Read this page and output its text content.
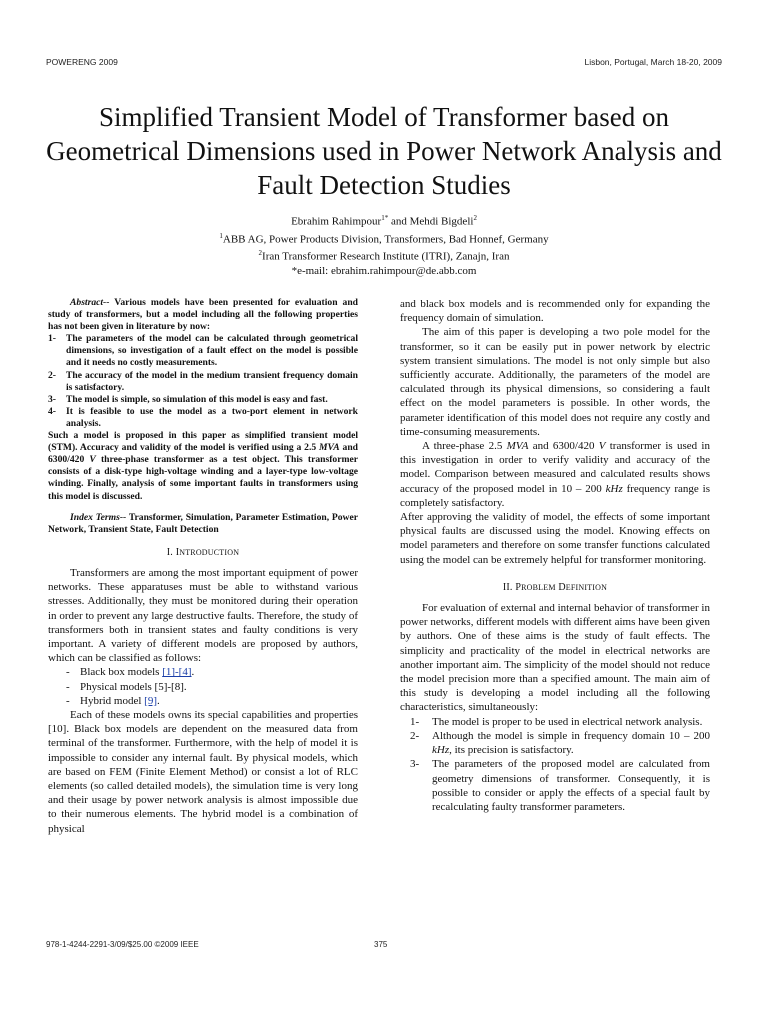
POWERENG 2009	Lisbon, Portugal, March 18-20, 2009
Simplified Transient Model of Transformer based on Geometrical Dimensions used in Power Network Analysis and Fault Detection Studies
Ebrahim Rahimpour$^{1*}$ and Mehdi Bigdeli$^2$
$^1$ABB AG, Power Products Division, Transformers, Bad Honnef, Germany
$^2$Iran Transformer Research Institute (ITRI), Zanajn, Iran
*e-mail: ebrahim.rahimpour@de.abb.com

Abstract-- Various models have been presented for evaluation and study of transformers, but a model including all the following properties has not been given in literature by now:

1-	The parameters of the model can be calculated through geometrical dimensions, so investigation of a fault effect on the model is possible and it needs no costly measurements.
2-	The accuracy of the model in the medium transient frequency domain is satisfactory.
3-	The model is simple, so simulation of this model is easy and fast.
4-	It is feasible to use the model as a two-port element in network analysis.

Such a model is proposed in this paper as simplified transient model (STM). Accuracy and validity of the model is verified using a 2.5 MVA and 6300/420 V three-phase transformer as a test object. This transformer consists of a disk-type high-voltage winding and a layer-type low-voltage winding. Finally, analysis of some important faults in transformers using this model is discussed.

Index Terms-- Transformer, Simulation, Parameter Estimation, Power Network, Transient State, Fault Detection

I. INTRODUCTION

Transformers are among the most important equipment of power networks. These apparatuses must be able to withstand various stresses. Additionally, they must be monitored during their operation in order to prevent any large destructive faults. Therefore, the study of transformers both in transient states and faulty conditions is very important. A variety of different models are proposed by authors, which can be classified as follows:

- Black box models [1]-[4].
- Physical models [5]-[8].
- Hybrid model [9].

Each of these models owns its special capabilities and properties [10]. Black box models are dependent on the measured data from terminal of the transformer. Furthermore, with the help of model it is impossible to consider any internal fault. By physical models, which are based on FEM (Finite Element Method) or consist a lot of RLC elements (so called detailed models), the simulation time is very long and their usage by power network analysis is almost impossible due to their numerous elements. The hybrid model is a combination of physical

and black box models and is recommended only for expanding the frequency domain of simulation.

The aim of this paper is developing a two pole model for the transformer, so it can be easily put in power network by electric system transient simulations. The model is not only simple but also sufficiently accurate. Additionally, the parameters of the model are calculated through its physical dimensions, so considering a fault effect on the model parameters is possible. In other words, the parameter identification of this model does not require any costly and time-consuming measurements.

A three-phase 2.5 MVA and 6300/420 V transformer is used in this investigation in order to verify validity and accuracy of the model. Comparison between measured and calculated results shows accuracy of the proposed model in 10 – 200 kHz frequency range is completely satisfactory.

After approving the validity of model, the effects of some important physical faults are discussed using the model. Knowing effects on model parameters and therefore on some transfer functions calculated using the model can be extremely helpful for transformer monitoring.

II. PROBLEM DEFINITION

For evaluation of external and internal behavior of transformer in power networks, different models with different aims have been given by authors. One of these aims is the study of fault effects. The simplicity and practicality of the model in electrical networks are another important aim. The simplicity of the model should not reduce the model precision more than a specified amount. The main aim of this study is developing a model including all the following characteristics, simultaneously:

1-	The model is proper to be used in electrical network analysis.
2-	Although the model is simple in frequency domain 10 – 200 kHz, its precision is satisfactory.
3-	The parameters of the proposed model are calculated from geometry dimensions of transformer. Consequently, it is possible to consider or apply the effects of a special fault by recalculating faulty transformer parameters.
978-1-4244-2291-3/09/$25.00 ©2009 IEEE	375
